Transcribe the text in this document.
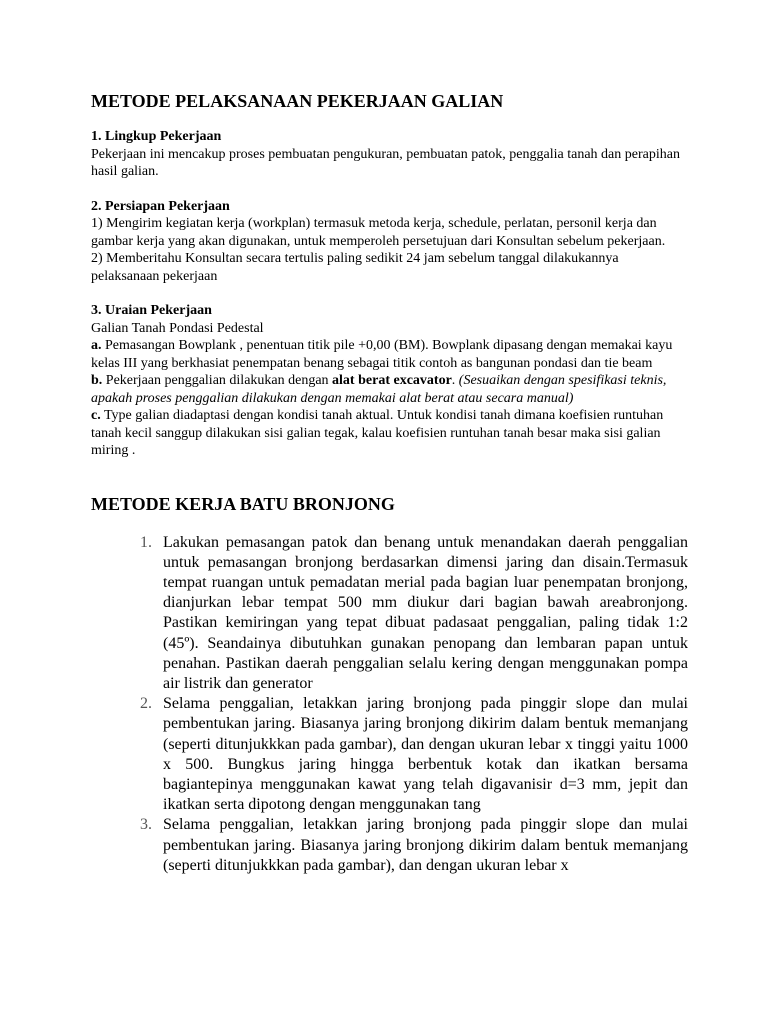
METODE PELAKSANAAN PEKERJAAN GALIAN
1. Lingkup Pekerjaan

Pekerjaan ini mencakup proses pembuatan pengukuran, pembuatan patok, penggalia tanah dan perapihan hasil galian.

2. Persiapan Pekerjaan

1) Mengirim kegiatan kerja (workplan) termasuk metoda kerja, schedule, perlatan, personil kerja dan gambar kerja yang akan digunakan, untuk memperoleh persetujuan dari Konsultan sebelum pekerjaan.

2) Memberitahu Konsultan secara tertulis paling sedikit 24 jam sebelum tanggal dilakukannya pelaksanaan pekerjaan

3. Uraian Pekerjaan

Galian Tanah Pondasi Pedestal

a. Pemasangan Bowplank , penentuan titik pile +0,00 (BM). Bowplank dipasang dengan memakai kayu kelas III yang berkhasiat penempatan benang sebagai titik contoh as bangunan pondasi dan tie beam

b. Pekerjaan penggalian dilakukan dengan alat berat excavator. (Sesuaikan dengan spesifikasi teknis, apakah proses penggalian dilakukan dengan memakai alat berat atau secara manual)

c. Type galian diadaptasi dengan kondisi tanah aktual. Untuk kondisi tanah dimana koefisien runtuhan tanah kecil sanggup dilakukan sisi galian tegak, kalau koefisien runtuhan tanah besar maka sisi galian miring .

METODE KERJA BATU BRONJONG
1. Lakukan pemasangan patok dan benang untuk menandakan daerah penggalian untuk pemasangan bronjong berdasarkan dimensi jaring dan disain.Termasuk tempat ruangan untuk pemadatan merial pada bagian luar penempatan bronjong, dianjurkan lebar tempat 500 mm diukur dari bagian bawah areabronjong. Pastikan kemiringan yang tepat dibuat padasaat penggalian, paling tidak 1:2 (45º). Seandainya dibutuhkan gunakan penopang dan lembaran papan untuk penahan. Pastikan daerah penggalian selalu kering dengan menggunakan pompa air listrik dan generator
2. Selama penggalian, letakkan jaring bronjong pada pinggir slope dan mulai pembentukan jaring. Biasanya jaring bronjong dikirim dalam bentuk memanjang (seperti ditunjukkkan pada gambar), dan dengan ukuran lebar x tinggi yaitu 1000 x 500. Bungkus jaring hingga berbentuk kotak dan ikatkan bersama bagiantepinya menggunakan kawat yang telah digavanisir d=3 mm, jepit dan ikatkan serta dipotong dengan menggunakan tang
3. Selama penggalian, letakkan jaring bronjong pada pinggir slope dan mulai pembentukan jaring. Biasanya jaring bronjong dikirim dalam bentuk memanjang (seperti ditunjukkkan pada gambar), dan dengan ukuran lebar x
